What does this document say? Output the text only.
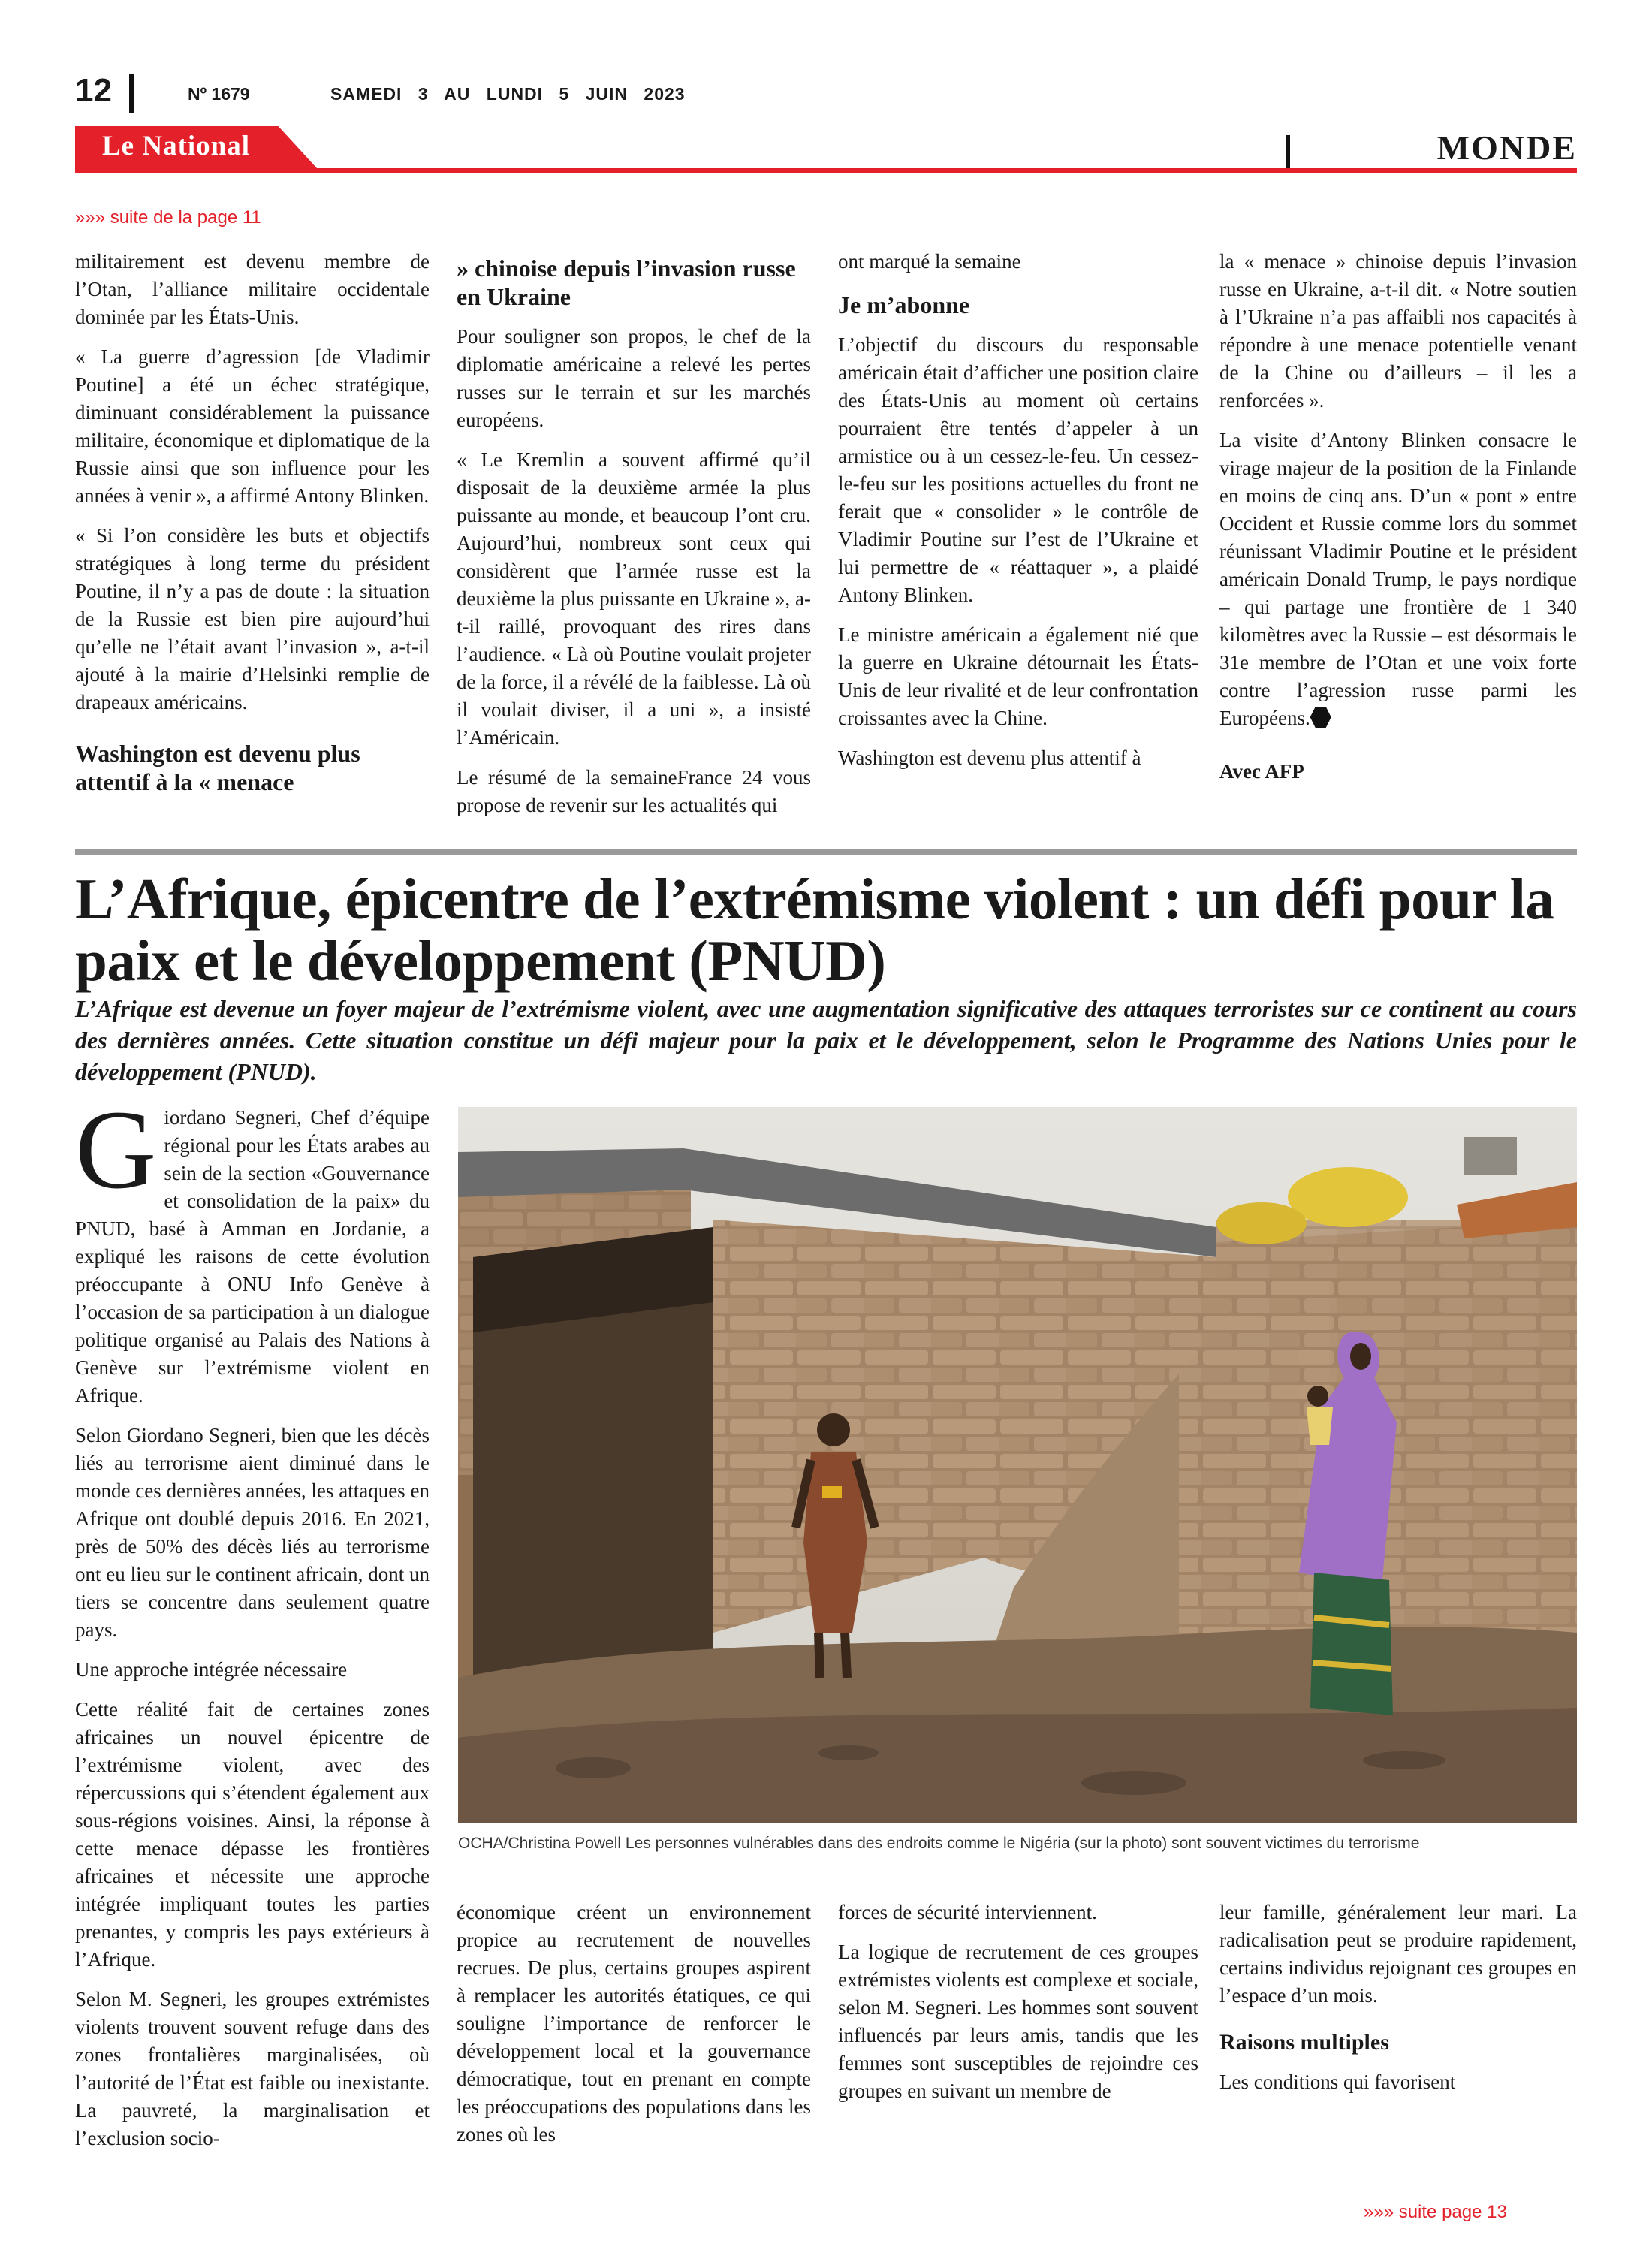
12	Nº 1679	SAMEDI 3 AU LUNDI 5 JUIN 2023
Le National	MONDE
»»» suite de la page 11

militairement est devenu membre de l’Otan, l’alliance militaire occidentale dominée par les États-Unis.

« La guerre d’agression [de Vladimir Poutine] a été un échec stratégique, diminuant considérablement la puissance militaire, économique et diplomatique de la Russie ainsi que son influence pour les années à venir », a affirmé Antony Blinken.

« Si l’on considère les buts et objectifs stratégiques à long terme du président Poutine, il n’y a pas de doute : la situation de la Russie est bien pire aujourd’hui qu’elle ne l’était avant l’invasion », a-t-il ajouté à la mairie d’Helsinki remplie de drapeaux américains.

Washington est devenu plus attentif à la « menace
» chinoise depuis l’invasion russe en Ukraine

Pour souligner son propos, le chef de la diplomatie américaine a relevé les pertes russes sur le terrain et sur les marchés européens.

« Le Kremlin a souvent affirmé qu’il disposait de la deuxième armée la plus puissante au monde, et beaucoup l’ont cru. Aujourd’hui, nombreux sont ceux qui considèrent que l’armée russe est la deuxième la plus puissante en Ukraine », a-t-il raillé, provoquant des rires dans l’audience. « Là où Poutine voulait projeter de la force, il a révélé de la faiblesse. Là où il voulait diviser, il a uni », a insisté l’Américain.

Le résumé de la semaineFrance 24 vous propose de revenir sur les actualités qui

ont marqué la semaine

Je m’abonne

L’objectif du discours du responsable américain était d’afficher une position claire des États-Unis au moment où certains pourraient être tentés d’appeler à un armistice ou à un cessez-le-feu. Un cessez-le-feu sur les positions actuelles du front ne ferait que « consolider » le contrôle de Vladimir Poutine sur l’est de l’Ukraine et lui permettre de « réattaquer », a plaidé Antony Blinken.

Le ministre américain a également nié que la guerre en Ukraine détournait les États-Unis de leur rivalité et de leur confrontation croissantes avec la Chine.

Washington est devenu plus attentif à

la « menace » chinoise depuis l’invasion russe en Ukraine, a-t-il dit. « Notre soutien à l’Ukraine n’a pas affaibli nos capacités à répondre à une menace potentielle venant de la Chine ou d’ailleurs – il les a renforcées ».

La visite d’Antony Blinken consacre le virage majeur de la position de la Finlande en moins de cinq ans. D’un « pont » entre Occident et Russie comme lors du sommet réunissant Vladimir Poutine et le président américain Donald Trump, le pays nordique – qui partage une frontière de 1 340 kilomètres avec la Russie – est désormais le 31e membre de l’Otan et une voix forte contre l’agression russe parmi les Européens.

Avec AFP
L’Afrique, épicentre de l’extrémisme violent : un défi pour la paix et le développement (PNUD)

L’Afrique est devenue un foyer majeur de l’extrémisme violent, avec une augmentation significative des attaques terroristes sur ce continent au cours des dernières années. Cette situation constitue un défi majeur pour la paix et le développement, selon le Programme des Nations Unies pour le développement (PNUD).

Giordano Segneri, Chef d’équipe régional pour les États arabes au sein de la section «Gouvernance et consolidation de la paix» du PNUD, basé à Amman en Jordanie, a expliqué les raisons de cette évolution préoccupante à ONU Info Genève à l’occasion de sa participation à un dialogue politique organisé au Palais des Nations à Genève sur l’extrémisme violent en Afrique.

Selon Giordano Segneri, bien que les décès liés au terrorisme aient diminué dans le monde ces dernières années, les attaques en Afrique ont doublé depuis 2016. En 2021, près de 50% des décès liés au terrorisme ont eu lieu sur le continent africain, dont un tiers se concentre dans seulement quatre pays.

Une approche intégrée nécessaire

Cette réalité fait de certaines zones africaines un nouvel épicentre de l’extrémisme violent, avec des répercussions qui s’étendent également aux sous-régions voisines. Ainsi, la réponse à cette menace dépasse les frontières africaines et nécessite une approche intégrée impliquant toutes les parties prenantes, y compris les pays extérieurs à l’Afrique.

Selon M. Segneri, les groupes extrémistes violents trouvent souvent refuge dans des zones frontalières marginalisées, où l’autorité de l’État est faible ou inexistante. La pauvreté, la marginalisation et l’exclusion socio-

OCHA/Christina Powell Les personnes vulnérables dans des endroits comme le Nigéria (sur la photo) sont souvent victimes du terrorisme

économique créent un environnement propice au recrutement de nouvelles recrues. De plus, certains groupes aspirent à remplacer les autorités étatiques, ce qui souligne l’importance de renforcer le développement local et la gouvernance démocratique, tout en prenant en compte les préoccupations des populations dans les zones où les

forces de sécurité interviennent.

La logique de recrutement de ces groupes extrémistes violents est complexe et sociale, selon M. Segneri. Les hommes sont souvent influencés par leurs amis, tandis que les femmes sont susceptibles de rejoindre ces groupes en suivant un membre de

leur famille, généralement leur mari. La radicalisation peut se produire rapidement, certains individus rejoignant ces groupes en l’espace d’un mois.

Raisons multiples

Les conditions qui favorisent

»»» suite page 13
